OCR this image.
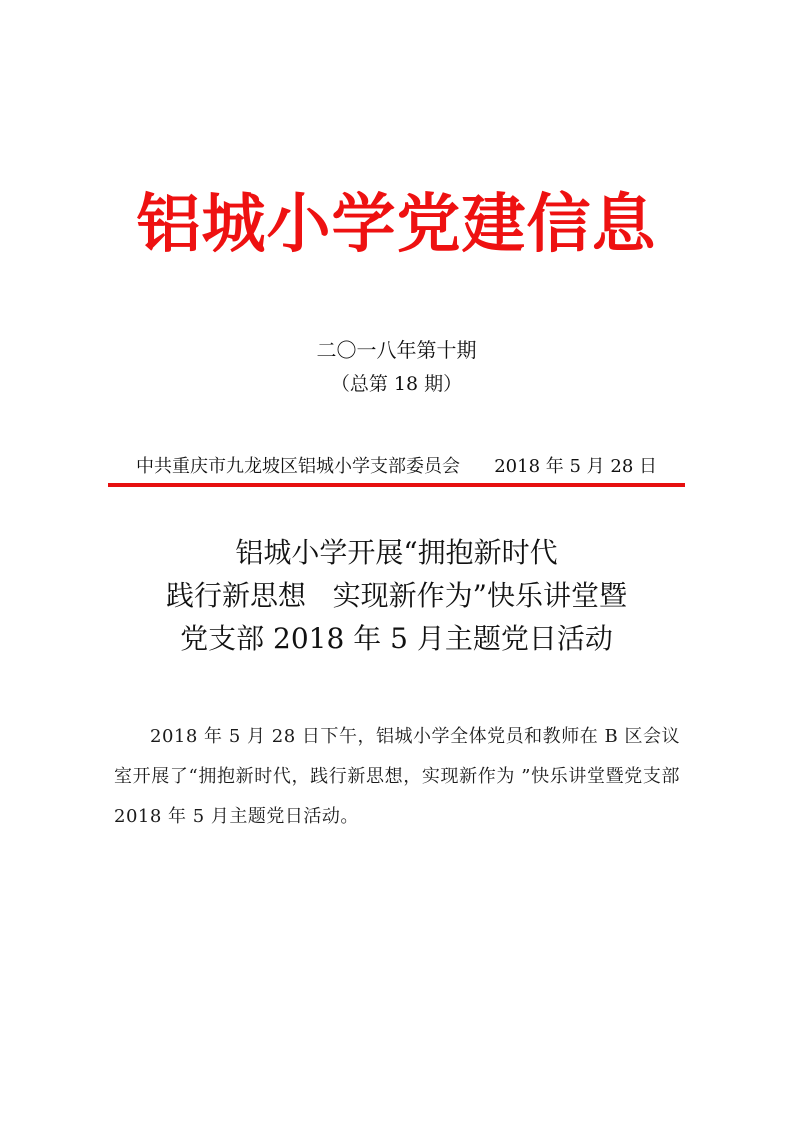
铝城小学党建信息
二〇一八年第十期
（总第 18 期）
中共重庆市九龙坡区铝城小学支部委员会 2018 年 5 月 28 日
铝城小学开展“拥抱新时代
践行新思想   实现新作为”快乐讲堂暨
党支部 2018 年 5 月主题党日活动

2018 年 5 月 28 日下午，铝城小学全体党员和教师在 B 区会议室开展了“拥抱新时代，践行新思想，实现新作为 ”快乐讲堂暨党支部 2018 年 5 月主题党日活动。
